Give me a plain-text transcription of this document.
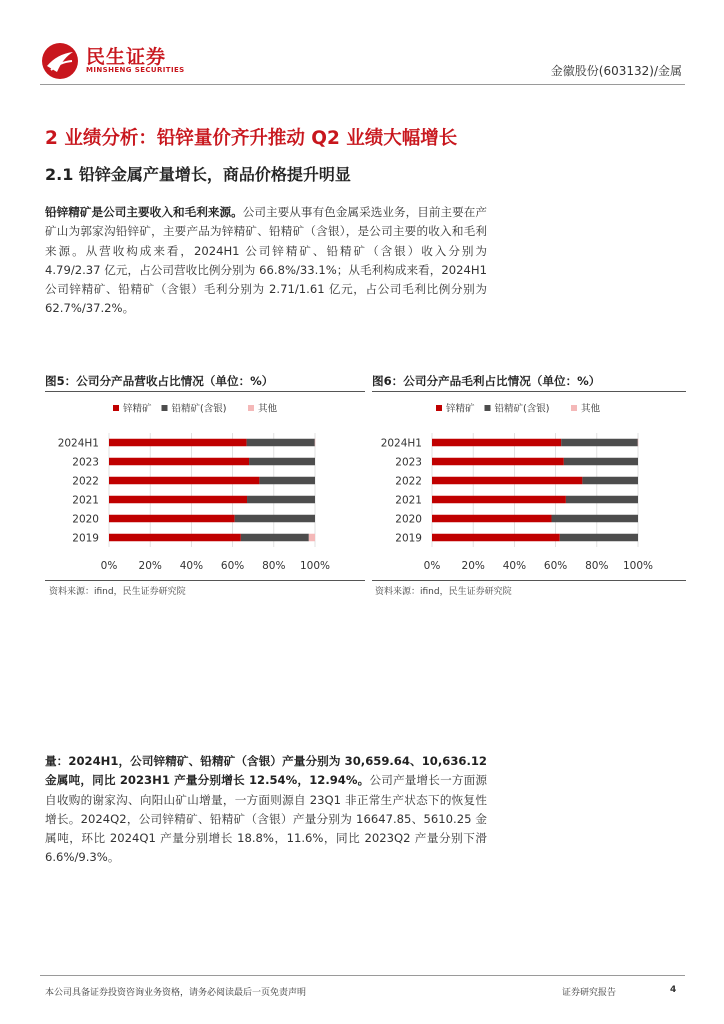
民生证券
MINSHENG SECURITIES	金徽股份(603132)/金属
2 业绩分析：铅锌量价齐升推动 Q2 业绩大幅增长
2.1 铅锌金属产量增长，商品价格提升明显
铅锌精矿是公司主要收入和毛利来源。公司主要从事有色金属采选业务，目前主要在产矿山为郭家沟铅锌矿，主要产品为锌精矿、铅精矿（含银），是公司主要的收入和毛利来源。从营收构成来看，2024H1 公司锌精矿、铅精矿（含银）收入分别为 4.79/2.37 亿元，占公司营收比例分别为 66.8%/33.1%；从毛利构成来看，2024H1 公司锌精矿、铅精矿（含银）毛利分别为 2.71/1.61 亿元，占公司毛利比例分别为 62.7%/37.2%。
图5：公司分产品营收占比情况（单位：%）
锌精矿 铅精矿(含银)	其他
0% 20% 40% 60% 80% 100%
2024H1
2023
2022
2021
2020
2019
资料来源：ifind，民生证券研究院
图6：公司分产品毛利占比情况（单位：%）
锌精矿 铅精矿(含银)	其他
0% 20% 40% 60% 80% 100%
2024H1
2023
2022
2021
2020
2019
资料来源：ifind，民生证券研究院
量：2024H1，公司锌精矿、铅精矿（含银）产量分别为 30,659.64、10,636.12 金属吨，同比 2023H1 产量分别增长 12.54%，12.94%。公司产量增长一方面源自收购的谢家沟、向阳山矿山增量，一方面则源自 23Q1 非正常生产状态下的恢复性增长。2024Q2，公司锌精矿、铅精矿（含银）产量分别为 16647.85、5610.25 金属吨，环比 2024Q1 产量分别增长 18.8%，11.6%，同比 2023Q2 产量分别下滑 6.6%/9.3%。
本公司具备证券投资咨询业务资格，请务必阅读最后一页免责声明	证券研究报告	4
